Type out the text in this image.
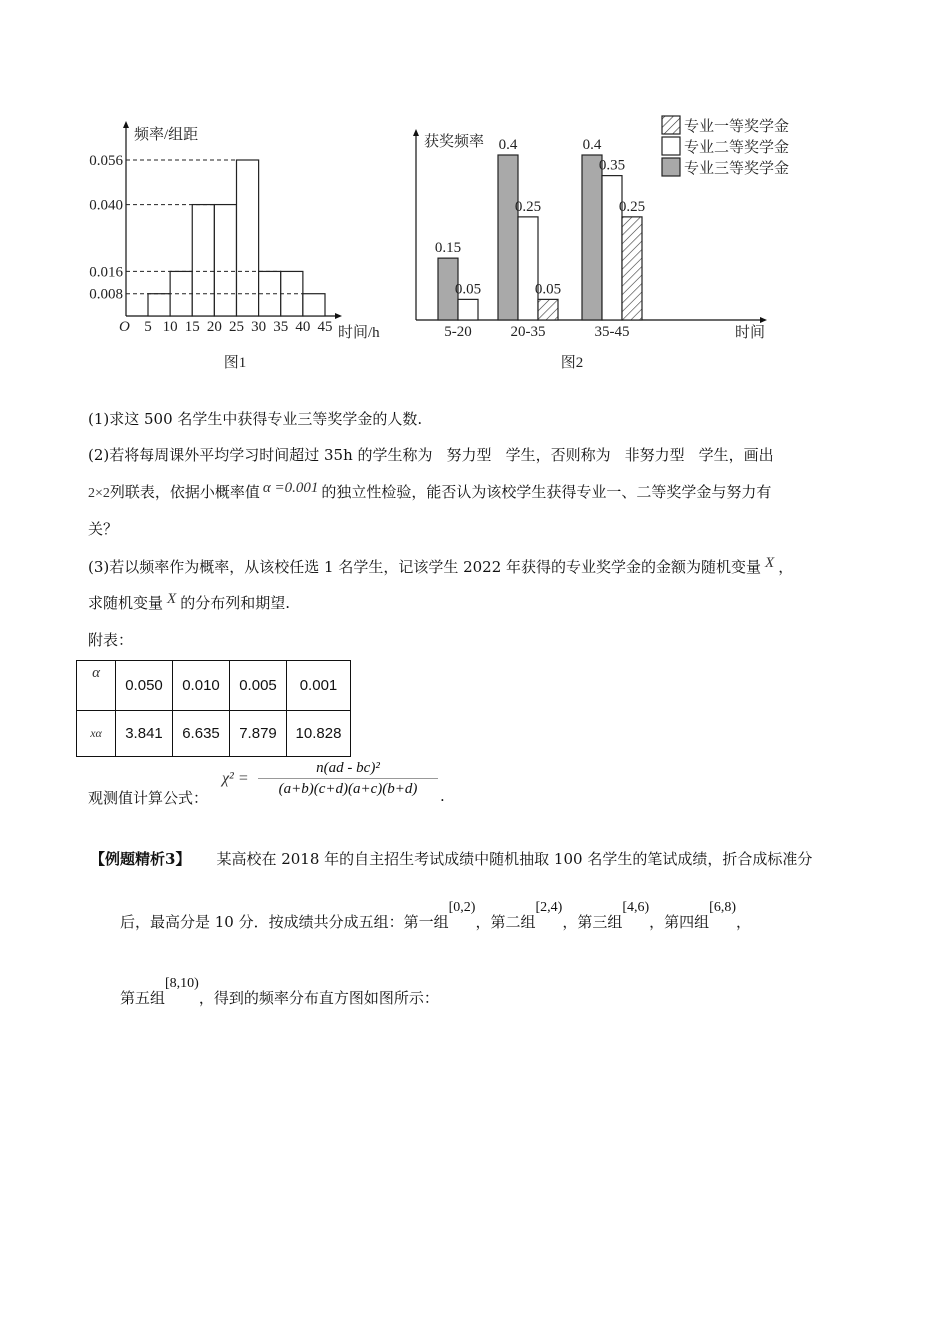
频率/组距
时间/h
O
0.056
0.040
0.016
0.008
5 10 15 20 25 30 35 40 45
图1
获奖频率
时间
0.15
0.05
5-20
0.4
0.25
0.05
20-35
0.4
0.35
0.25
35-45
专业一等奖学金
专业二等奖学金
专业三等奖学金
图2
(1)求这 500 名学生中获得专业三等奖学金的人数.
(2)若将每周课外平均学习时间超过 35h 的学生称为 努力型 学生，否则称为 非努力型 学生，画出
2×2列联表，依据小概率值 α =0.001 的独立性检验，能否认为该校学生获得专业一、二等奖学金与努力有
关？
(3)若以频率作为概率，从该校任选 1 名学生，记该学生 2022 年获得的专业奖学金的金额为随机变量 X ，
求随机变量 X 的分布列和期望.
附表：
α	0.050	0.010	0.005	0.001
xα	3.841	6.635	7.879	10.828
观测值计算公式：
$\chi^2 = \frac{\text{n(ad - bc)²}}{(a+b)(c+d)(a+c)(b+d)}$ .
【例题精析3】 某高校在 2018 年的自主招生考试成绩中随机抽取 100 名学生的笔试成绩，折合成标准分
后，最高分是 10 分．按成绩共分成五组：第一组[0,2)，第二组[2,4)，第三组[4,6)，第四组[6,8)，
第五组[8,10)，得到的频率分布直方图如图所示：
